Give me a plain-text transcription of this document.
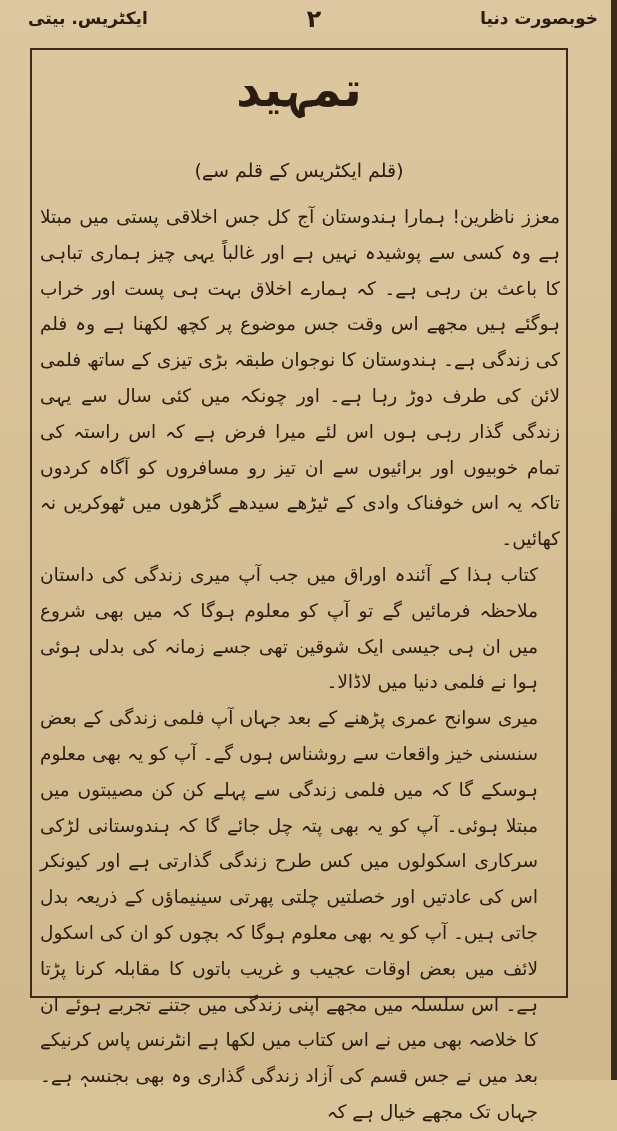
خوبصورت دنیا
۲
ایکٹریس. بیتی
تمہید
(قلم ایکٹریس کے قلم سے)

معزز ناظرین! ہمارا ہندوستان آج کل جس اخلاقی پستی میں مبتلا ہے وہ کسی سے پوشیدہ نہیں ہے اور غالباً یہی چیز ہماری تباہی کا باعث بن رہی ہے۔ کہ ہمارے اخلاق بہت ہی پست اور خراب ہوگئے ہیں مجھے اس وقت جس موضوع پر کچھ لکھنا ہے وہ فلم کی زندگی ہے۔ ہندوستان کا نوجوان طبقہ بڑی تیزی کے ساتھ فلمی لائن کی طرف دوڑ رہا ہے۔ اور چونکہ میں کئی سال سے یہی زندگی گذار رہی ہوں اس لئے میرا فرض ہے کہ اس راستہ کی تمام خوبیوں اور برائیوں سے ان تیز رو مسافروں کو آگاہ کردوں تاکہ یہ اس خوفناک وادی کے ٹیڑھے سیدھے گڑھوں میں ٹھوکریں نہ کھائیں۔

کتاب ہذا کے آئندہ اوراق میں جب آپ میری زندگی کی داستان ملاحظہ فرمائیں گے تو آپ کو معلوم ہوگا کہ میں بھی شروع میں ان ہی جیسی ایک شوقین تھی جسے زمانہ کی بدلی ہوئی ہوا نے فلمی دنیا میں لاڈالا۔

میری سوانح عمری پڑھنے کے بعد جہاں آپ فلمی زندگی کے بعض سنسنی خیز واقعات سے روشناس ہوں گے۔ آپ کو یہ بھی معلوم ہوسکے گا کہ میں فلمی زندگی سے پہلے کن کن مصیبتوں میں مبتلا ہوئی۔ آپ کو یہ بھی پتہ چل جائے گا کہ ہندوستانی لڑکی سرکاری اسکولوں میں کس طرح زندگی گذارتی ہے اور کیونکر اس کی عادتیں اور خصلتیں چلتی پھرتی سینیماؤں کے ذریعہ بدل جاتی ہیں۔ آپ کو یہ بھی معلوم ہوگا کہ بچوں کو ان کی اسکول لائف میں بعض اوقات عجیب و غریب باتوں کا مقابلہ کرنا پڑتا ہے۔ اس سلسلہ میں مجھے اپنی زندگی میں جتنے تجربے ہوئے ان کا خلاصہ بھی میں نے اس کتاب میں لکھا ہے انٹرنس پاس کرنیکے بعد میں نے جس قسم کی آزاد زندگی گذاری وہ بھی بجنسہٖ ہے۔ جہاں تک مجھے خیال ہے کہ
